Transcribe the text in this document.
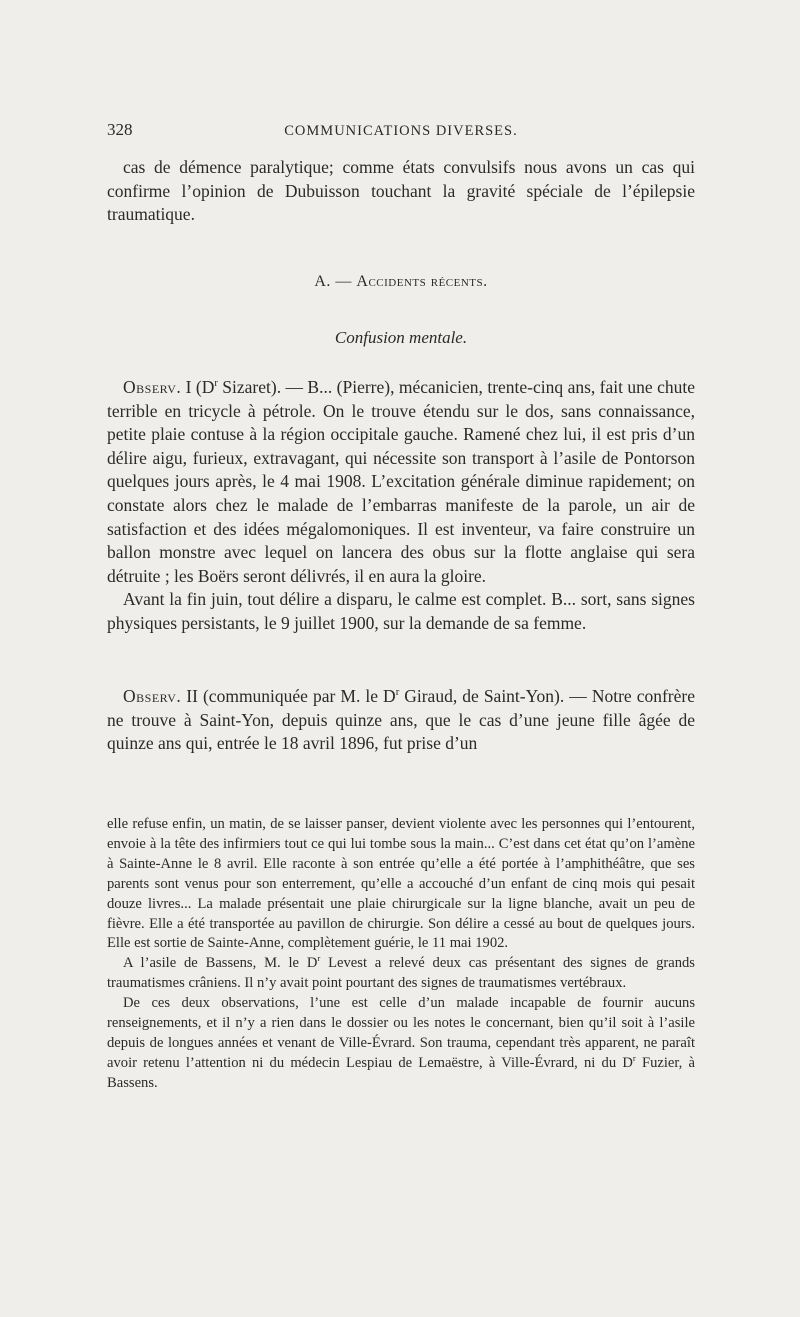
328	COMMUNICATIONS DIVERSES.

cas de démence paralytique; comme états convulsifs nous avons un cas qui confirme l’opinion de Dubuisson touchant la gravité spéciale de l’épilepsie traumatique.

A. — Accidents récents.
Confusion mentale.

Observ. I ($D^r$ Sizaret). — B... (Pierre), mécanicien, trente-cinq ans, fait une chute terrible en tricycle à pétrole. On le trouve étendu sur le dos, sans connaissance, petite plaie contuse à la région occipitale gauche. Ramené chez lui, il est pris d’un délire aigu, furieux, extravagant, qui nécessite son transport à l’asile de Pontorson quelques jours après, le 4 mai 1908. L’excitation générale diminue rapidement; on constate alors chez le malade de l’embarras manifeste de la parole, un air de satisfaction et des idées mégalomoniques. Il est inventeur, va faire construire un ballon monstre avec lequel on lancera des obus sur la flotte anglaise qui sera détruite ; les Boërs seront délivrés, il en aura la gloire.

Avant la fin juin, tout délire a disparu, le calme est complet. B... sort, sans signes physiques persistants, le 9 juillet 1900, sur la demande de sa femme.

Observ. II (communiquée par M. le $D^r$ Giraud, de Saint-Yon). — Notre confrère ne trouve à Saint-Yon, depuis quinze ans, que le cas d’une jeune fille âgée de quinze ans qui, entrée le 18 avril 1896, fut prise d’un

elle refuse enfin, un matin, de se laisser panser, devient violente avec les personnes qui l’entourent, envoie à la tête des infirmiers tout ce qui lui tombe sous la main... C’est dans cet état qu’on l’amène à Sainte-Anne le 8 avril. Elle raconte à son entrée qu’elle a été portée à l’amphithéâtre, que ses parents sont venus pour son enterrement, qu’elle a accouché d’un enfant de cinq mois qui pesait douze livres... La malade présentait une plaie chirurgicale sur la ligne blanche, avait un peu de fièvre. Elle a été transportée au pavillon de chirurgie. Son délire a cessé au bout de quelques jours. Elle est sortie de Sainte-Anne, complètement guérie, le 11 mai 1902.

A l’asile de Bassens, M. le $D^r$ Levest a relevé deux cas présentant des signes de grands traumatismes crâniens. Il n’y avait point pourtant des signes de traumatismes vertébraux.

De ces deux observations, l’une est celle d’un malade incapable de fournir aucuns renseignements, et il n’y a rien dans le dossier ou les notes le concernant, bien qu’il soit à l’asile depuis de longues années et venant de Ville-Évrard. Son trauma, cependant très apparent, ne paraît avoir retenu l’attention ni du médecin Lespiau de Lemaëstre, à Ville-Évrard, ni du $D^r$ Fuzier, à Bassens.
